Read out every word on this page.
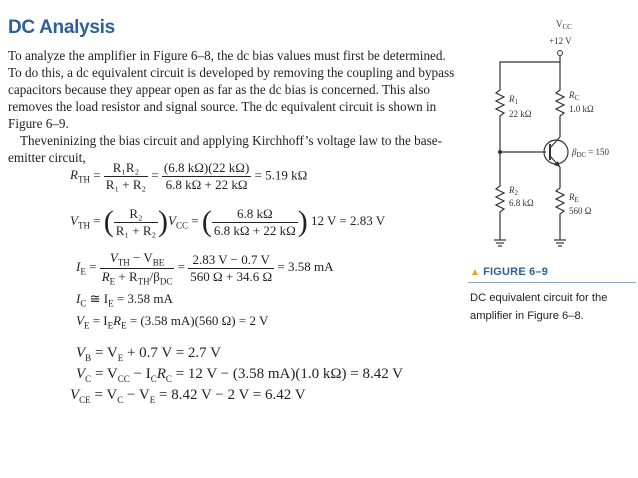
DC Analysis

To analyze the amplifier in Figure 6–8, the dc bias values must first be determined. To do this, a dc equivalent circuit is developed by removing the coupling and bypass capacitors because they appear open as far as the dc bias is concerned. This also removes the load resistor and signal source. The dc equivalent circuit is shown in Figure 6–9.

Theveninizing the bias circuit and applying Kirchhoff’s voltage law to the base-emitter circuit,

$R_{TH} = \frac{\text{R₁R₂}}{\text{R₁ + R₂}} = \frac{(6.8 k\Omega)(22 k\Omega)}{6.8 k\Omega + 22 k\Omega} = 5.19$ kΩ
$V_{TH}$ = ( $\frac{\text{R₂}}{\text{R₁ + R₂}} )V_{CC}$ = ( $\frac{6.8 k\Omega}{6.8 k\Omega + 22 k\Omega}$ ) 12 V = 2.83 V
$I_E = \frac{V_{TH} - V_{BE}}{R_E + R_{TH}/\beta_{DC}} = \frac{2.83 V - 0.7 V}{560 \Omega + 34.6 \Omega} = 3.58$ mA
$I_C$ ≅ $I_E = 3.58$ mA
$V_E = I_ER_E = (3.58$ mA)(560 Ω) = 2 V
$V_B = V_E + 0.7$ V = 2.7 V
$V_C = V_{CC} - I_CR_C = 12$ V − (3.58 mA)(1.0 kΩ) = 8.42 V
$V_{CE} = V_C - V_E = 8.42$ V − 2 V = 6.42 V
$V_{CC}$
+12 V
$R_1$
22 kΩ
$R_C$
1.0 kΩ
$\beta_{DC} = 150$
$R_2$
6.8 kΩ
$R_E$
560 Ω
▲ FIGURE 6–9
DC equivalent circuit for the amplifier in Figure 6–8.
